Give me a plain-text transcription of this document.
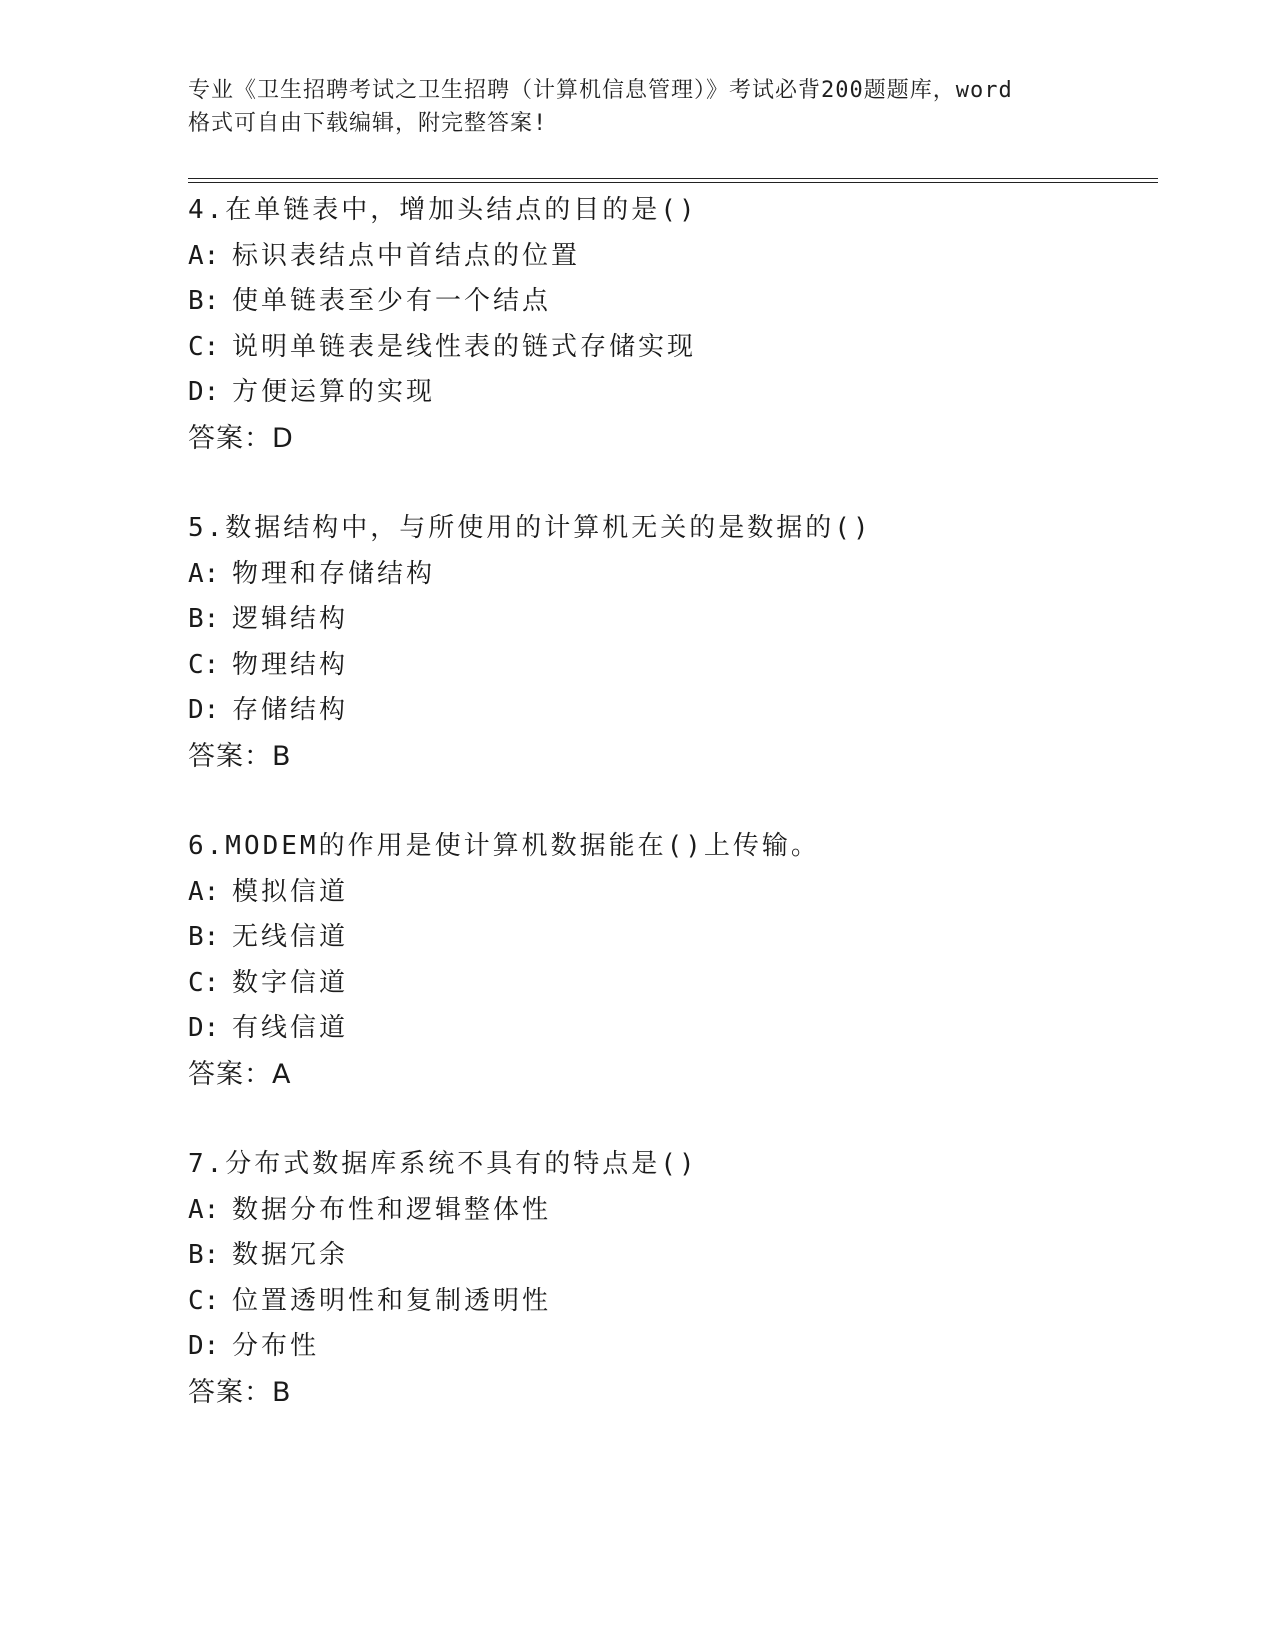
专业《卫生招聘考试之卫生招聘（计算机信息管理）》考试必背200题题库，word
格式可自由下载编辑，附完整答案!
4.在单链表中，增加头结点的目的是()
A: 标识表结点中首结点的位置
B: 使单链表至少有一个结点
C: 说明单链表是线性表的链式存储实现
D: 方便运算的实现
答案：D
5.数据结构中，与所使用的计算机无关的是数据的()
A: 物理和存储结构
B: 逻辑结构
C: 物理结构
D: 存储结构
答案：B
6.MODEM的作用是使计算机数据能在()上传输。
A: 模拟信道
B: 无线信道
C: 数字信道
D: 有线信道
答案：A
7.分布式数据库系统不具有的特点是()
A: 数据分布性和逻辑整体性
B: 数据冗余
C: 位置透明性和复制透明性
D: 分布性
答案：B
